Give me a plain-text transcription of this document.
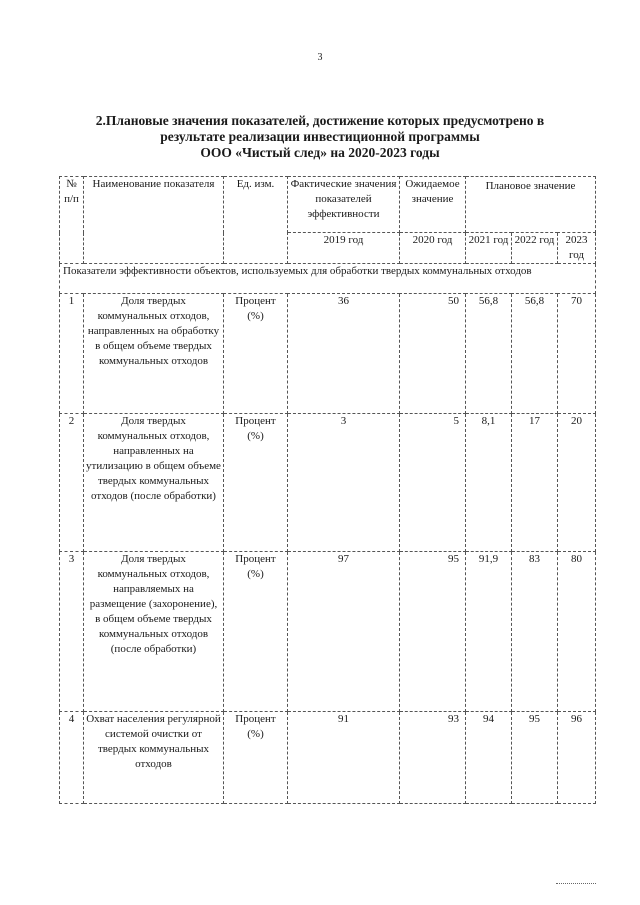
3
2.Плановые значения показателей, достижение которых предусмотрено в
результате реализации инвестиционной программы
ООО «Чистый след» на 2020-2023 годы
№ п/п	Наименование показателя	Ед. изм.	Фактические значения показателей эффективности	Ожидаемое значение	Плановое значение		
			2019 год	2020 год	2021 год	2022 год	2023 год
Показатели эффективности объектов, используемых для обработки твердых коммунальных отходов							
1	Доля твердых коммунальных отходов, направленных на обработку в общем объеме твердых коммунальных отходов	Процент (%)	36	50	56,8	56,8	70
2	Доля твердых коммунальных отходов, направленных на утилизацию в общем объеме твердых коммунальных отходов (после обработки)	Процент (%)	3	5	8,1	17	20
3	Доля твердых коммунальных отходов, направляемых на размещение (захоронение), в общем объеме твердых коммунальных отходов (после обработки)	Процент (%)	97	95	91,9	83	80
4	Охват населения регулярной системой очистки от твердых коммунальных отходов	Процент (%)	91	93	94	95	96
